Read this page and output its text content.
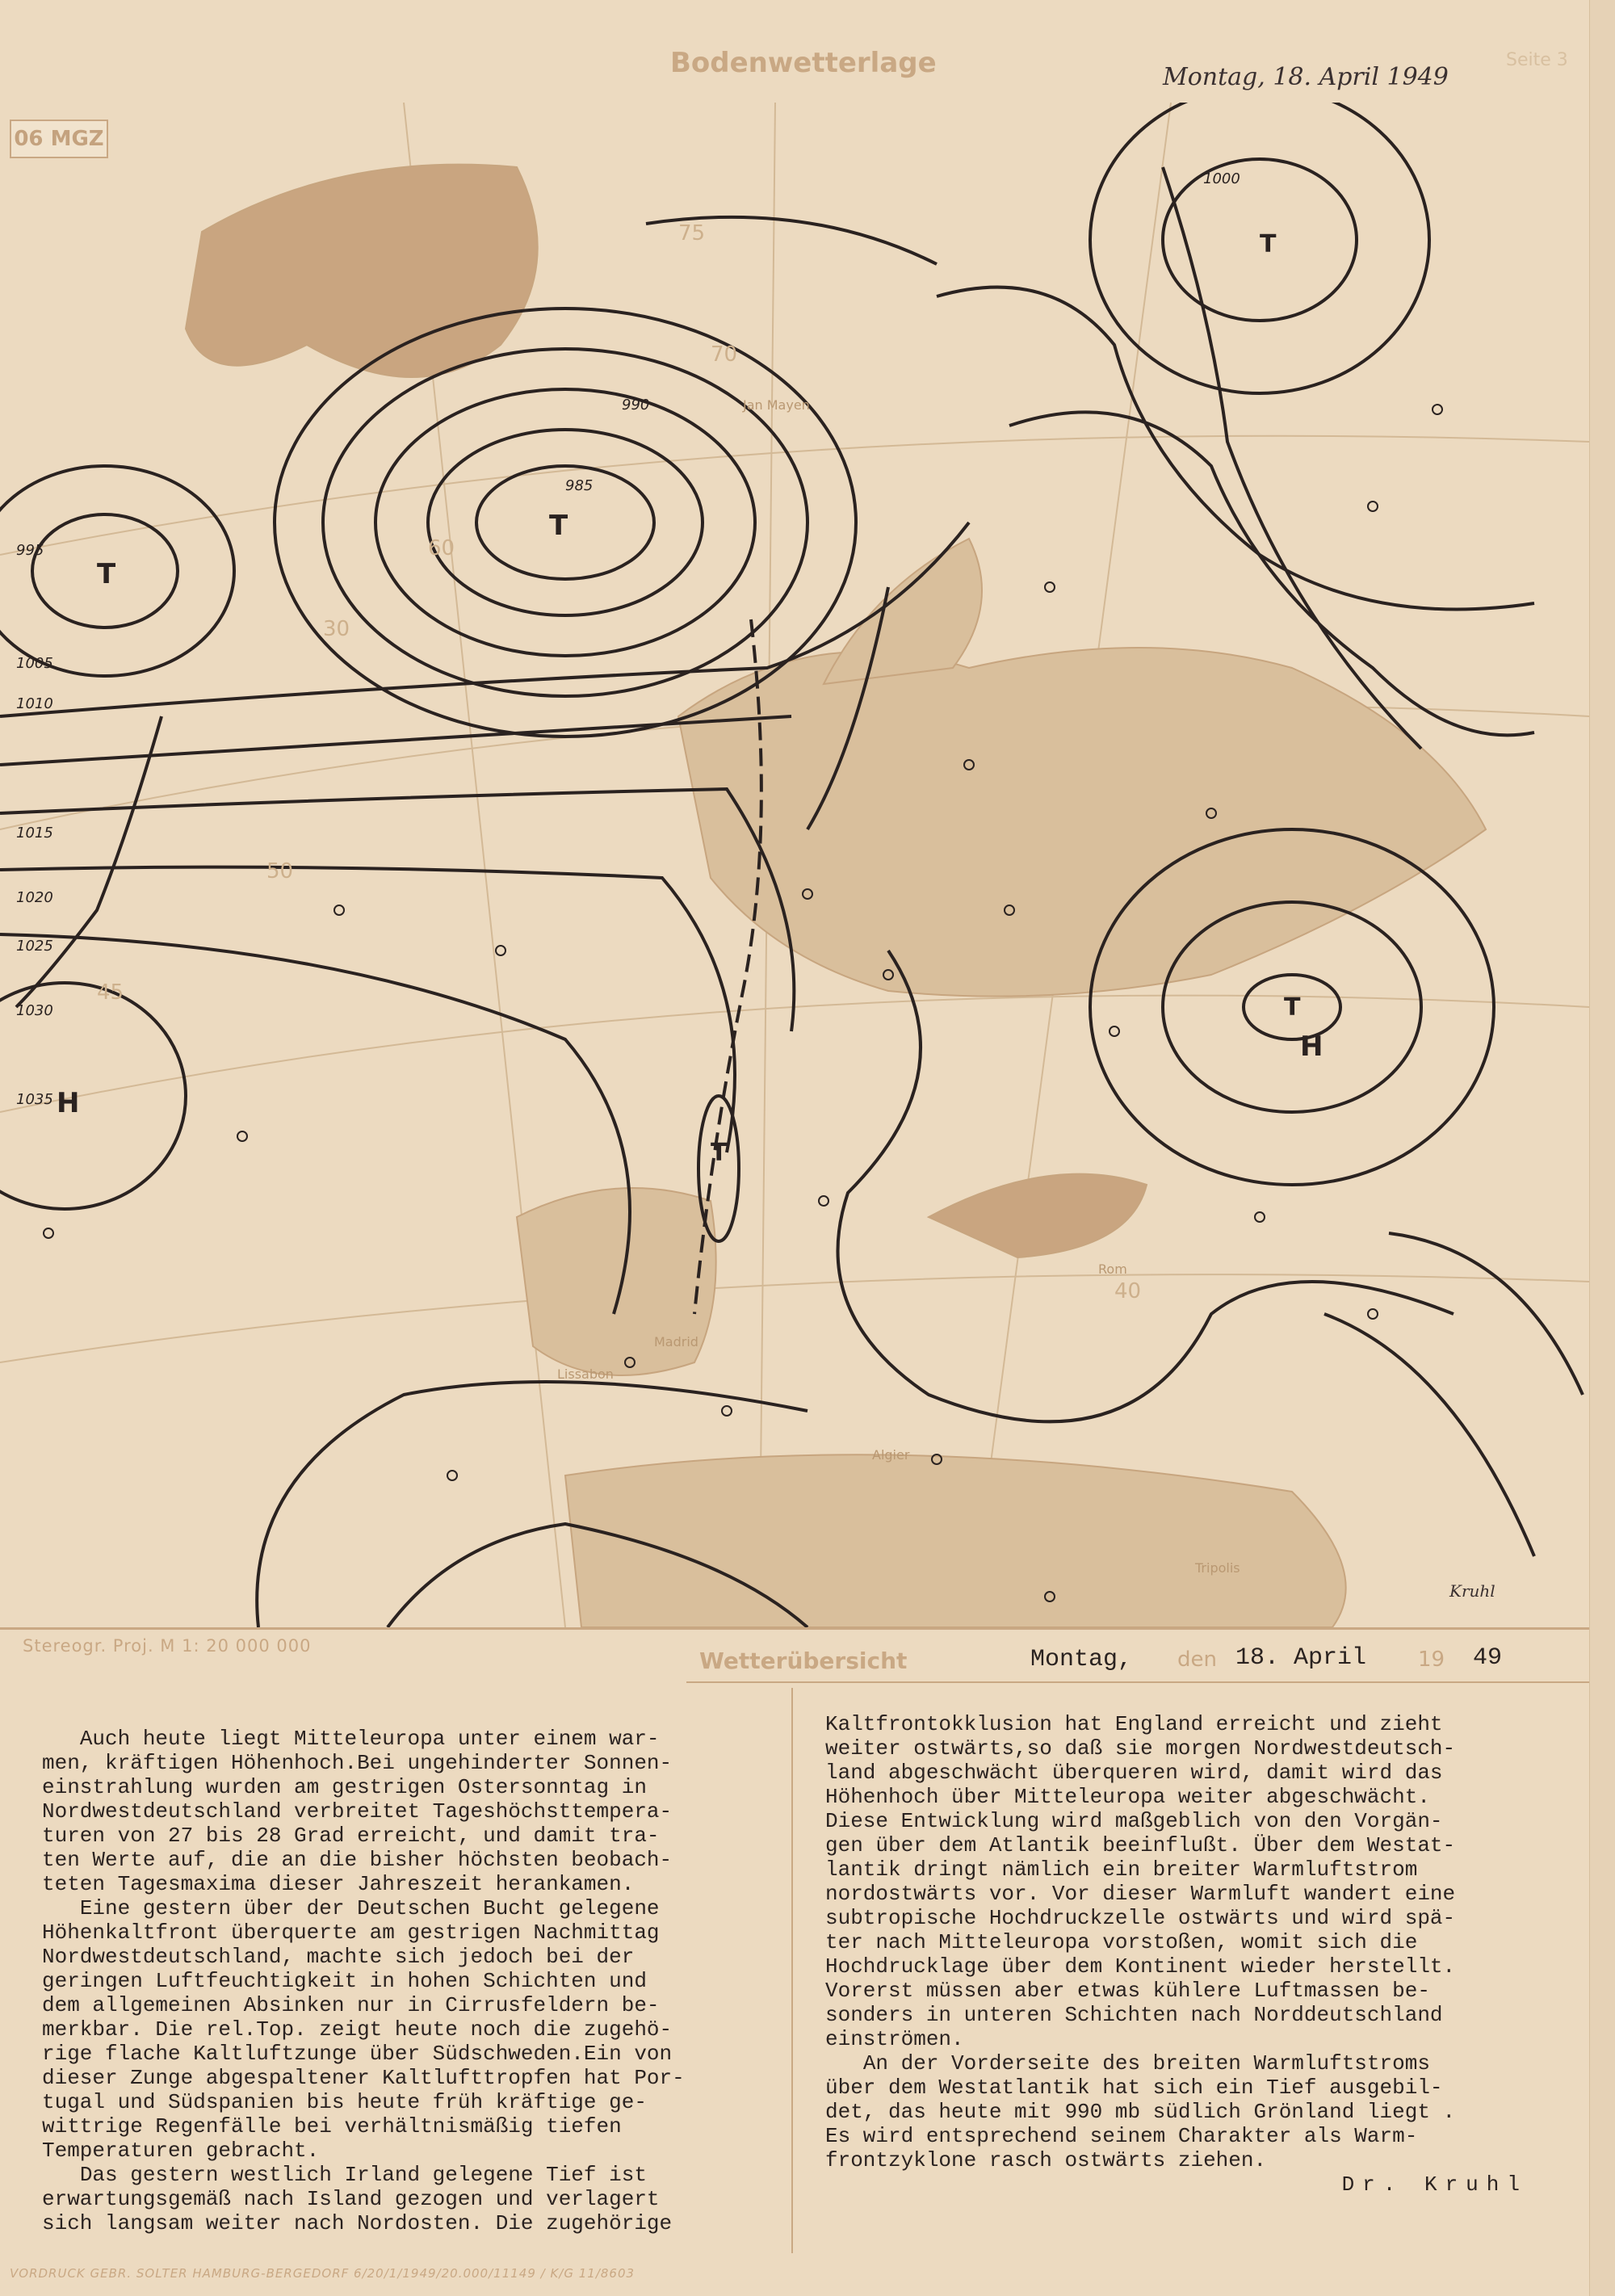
Bodenwetterlage	Montag, 18. April 1949
Seite 3
H
T
T
T
H
T
T
1005
1010
1015
1020
1025
1030
1035
995
990
985
1000
75
70
60
50
45
40
30
Jan Mayen
Algier
Madrid
Lissabon
Rom
Tripolis
06 MGZ
Kruhl
Stereogr. Proj. M 1: 20 000 000
Wetterübersicht	Montag, den 18. April 19 49

Auch heute liegt Mitteleuropa unter einem war-
men, kräftigen Höhenhoch.Bei ungehinderter Sonnen-
einstrahlung wurden am gestrigen Ostersonntag in
Nordwestdeutschland verbreitet Tageshöchsttempera-
turen von 27 bis 28 Grad erreicht, und damit tra-
ten Werte auf, die an die bisher höchsten beobach-
teten Tagesmaxima dieser Jahreszeit herankamen.

Eine gestern über der Deutschen Bucht gelegene
Höhenkaltfront überquerte am gestrigen Nachmittag
Nordwestdeutschland, machte sich jedoch bei der
geringen Luftfeuchtigkeit in hohen Schichten und
dem allgemeinen Absinken nur in Cirrusfeldern be-
merkbar. Die rel.Top. zeigt heute noch die zugehö-
rige flache Kaltluftzunge über Südschweden.Ein von
dieser Zunge abgespaltener Kaltlufttropfen hat Por-
tugal und Südspanien bis heute früh kräftige ge-
wittrige Regenfälle bei verhältnismäßig tiefen
Temperaturen gebracht.

Das gestern westlich Irland gelegene Tief ist
erwartungsgemäß nach Island gezogen und verlagert
sich langsam weiter nach Nordosten. Die zugehörige

Kaltfrontokklusion hat England erreicht und zieht
weiter ostwärts,so daß sie morgen Nordwestdeutsch-
land abgeschwächt überqueren wird, damit wird das
Höhenhoch über Mitteleuropa weiter abgeschwächt.
Diese Entwicklung wird maßgeblich von den Vorgän-
gen über dem Atlantik beeinflußt. Über dem Westat-
lantik dringt nämlich ein breiter Warmluftstrom
nordostwärts vor. Vor dieser Warmluft wandert eine
subtropische Hochdruckzelle ostwärts und wird spä-
ter nach Mitteleuropa vorstoßen, womit sich die
Hochdrucklage über dem Kontinent wieder herstellt.
Vorerst müssen aber etwas kühlere Luftmassen be-
sonders in unteren Schichten nach Norddeutschland
einströmen.

An der Vorderseite des breiten Warmluftstroms
über dem Westatlantik hat sich ein Tief ausgebil-
det, das heute mit 990 mb südlich Grönland liegt .
Es wird entsprechend seinem Charakter als Warm-
frontzyklone rasch ostwärts ziehen.

Dr. Kruhl

VORDRUCK GEBR. SOLTER HAMBURG-BERGEDORF 6/20/1/1949/20.000/11149 / K/G 11/8603
